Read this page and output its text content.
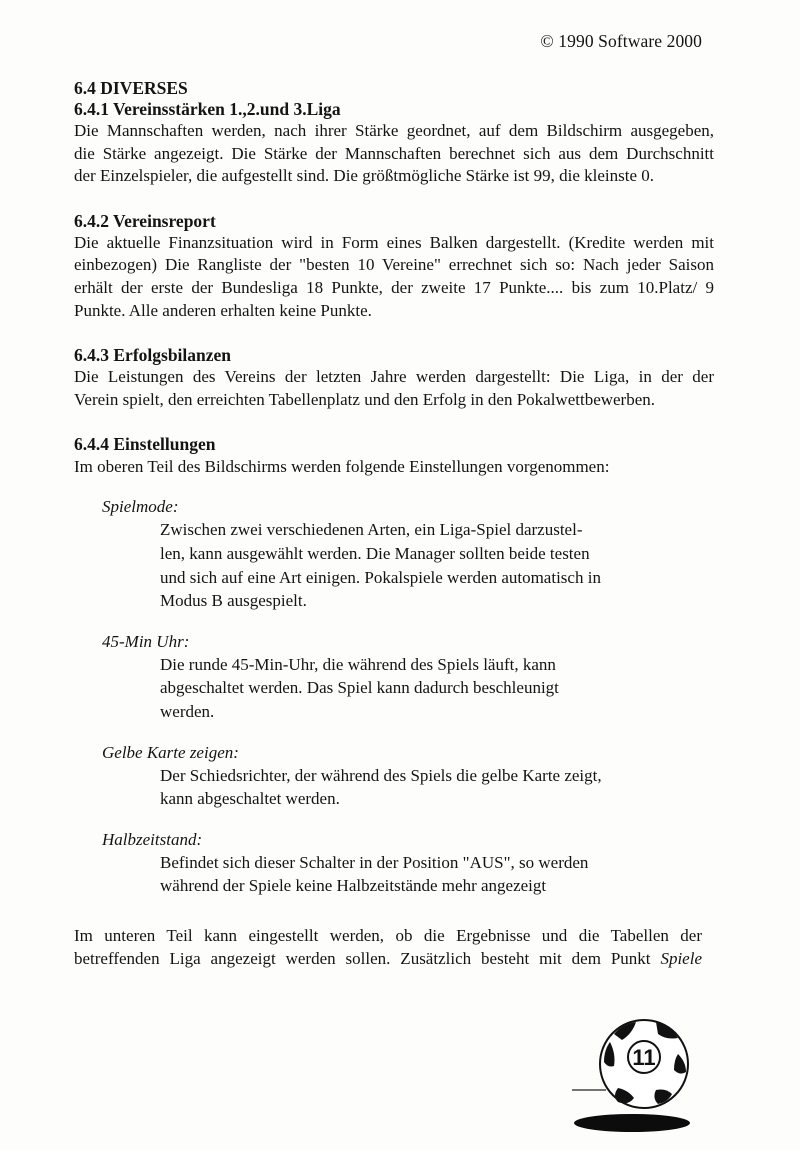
© 1990 Software 2000
6.4 DIVERSES
6.4.1 Vereinsstärken 1.,2.und 3.Liga
Die Mannschaften werden, nach ihrer Stärke geordnet, auf dem Bildschirm ausgegeben,
die Stärke angezeigt. Die Stärke der Mannschaften berechnet sich aus dem Durchschnitt
der Einzelspieler, die aufgestellt sind. Die größtmögliche Stärke ist 99, die kleinste 0.
6.4.2 Vereinsreport
Die aktuelle Finanzsituation wird in Form eines Balken dargestellt. (Kredite werden mit
einbezogen) Die Rangliste der "besten 10 Vereine" errechnet sich so: Nach jeder Saison
erhält der erste der Bundesliga 18 Punkte, der zweite 17 Punkte.... bis zum 10.Platz/ 9
Punkte. Alle anderen erhalten keine Punkte.
6.4.3 Erfolgsbilanzen
Die Leistungen des Vereins der letzten Jahre werden dargestellt: Die Liga, in der der
Verein spielt, den erreichten Tabellenplatz und den Erfolg in den Pokalwettbewerben.
6.4.4 Einstellungen
Im oberen Teil des Bildschirms werden folgende Einstellungen vorgenommen:
Spielmode:
Zwischen zwei verschiedenen Arten, ein Liga-Spiel darzustel-
len, kann ausgewählt werden. Die Manager sollten beide testen
und sich auf eine Art einigen. Pokalspiele werden automatisch in
Modus B ausgespielt.
45-Min Uhr:
Die runde 45-Min-Uhr, die während des Spiels läuft, kann
abgeschaltet werden. Das Spiel kann dadurch beschleunigt
werden.
Gelbe Karte zeigen:
Der Schiedsrichter, der während des Spiels die gelbe Karte zeigt,
kann abgeschaltet werden.
Halbzeitstand:
Befindet sich dieser Schalter in der Position "AUS", so werden
während der Spiele keine Halbzeitstände mehr angezeigt
Im unteren Teil kann eingestellt werden, ob die Ergebnisse und die Tabellen der
betreffenden Liga angezeigt werden sollen. Zusätzlich besteht mit dem Punkt Spiele
11
